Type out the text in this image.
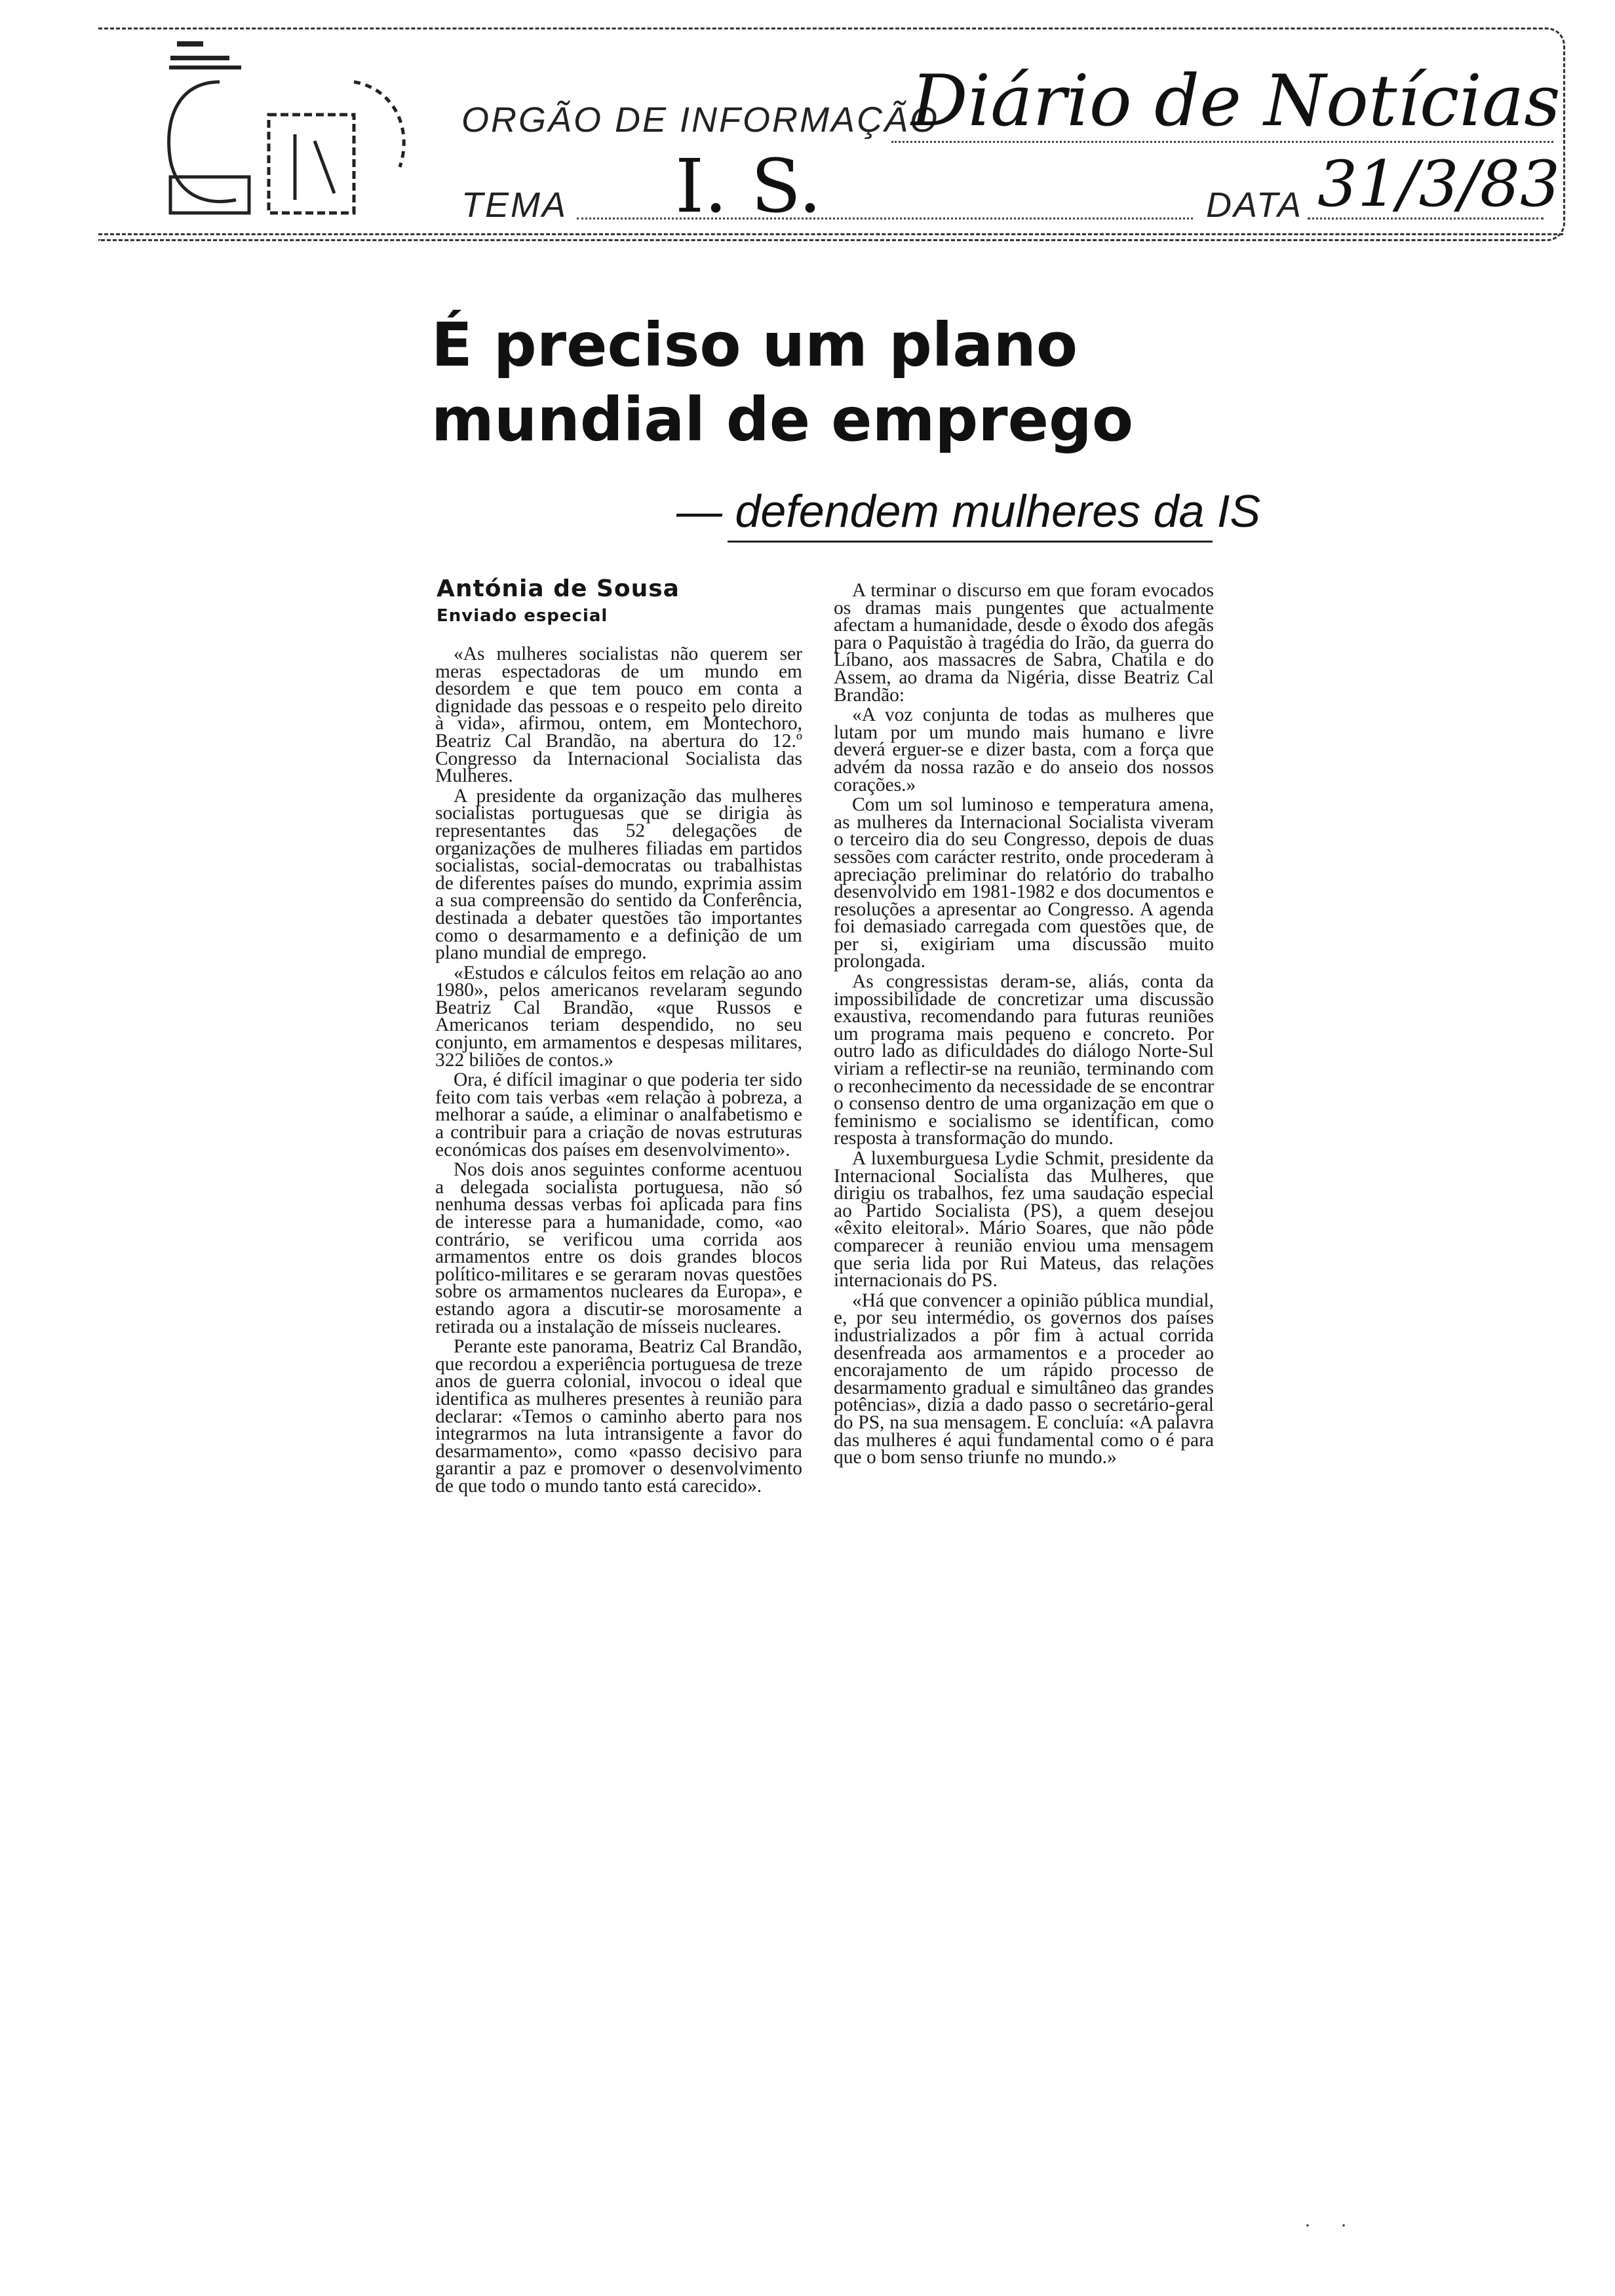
ORGÃO DE INFORMAÇÃO
Diário de Notícias
TEMA I. S.	DATA 31/3/83
É preciso um plano
mundial de emprego
— defendem mulheres da IS
Antónia de Sousa
Enviado especial

«As mulheres socialistas não querem ser meras espectadoras de um mundo em desordem e que tem pouco em conta a dignidade das pessoas e o respeito pelo direito à vida», afirmou, ontem, em Montechoro, Beatriz Cal Brandão, na abertura do 12.º Congresso da Internacional Socialista das Mulheres.

A presidente da organização das mulheres socialistas portuguesas que se dirigia às representantes das 52 delegações de organizações de mulheres filiadas em partidos socialistas, social-democratas ou trabalhistas de diferentes países do mundo, exprimia assim a sua compreensão do sentido da Conferência, destinada a debater questões tão importantes como o desarmamento e a definição de um plano mundial de emprego.

«Estudos e cálculos feitos em relação ao ano 1980», pelos americanos revelaram segundo Beatriz Cal Brandão, «que Russos e Americanos teriam despendido, no seu conjunto, em armamentos e despesas militares, 322 biliões de contos.»

Ora, é difícil imaginar o que poderia ter sido feito com tais verbas «em relação à pobreza, a melhorar a saúde, a eliminar o analfabetismo e a contribuir para a criação de novas estruturas económicas dos países em desenvolvimento».

Nos dois anos seguintes conforme acentuou a delegada socialista portuguesa, não só nenhuma dessas verbas foi aplicada para fins de interesse para a humanidade, como, «ao contrário, se verificou uma corrida aos armamentos entre os dois grandes blocos político-militares e se geraram novas questões sobre os armamentos nucleares da Europa», e estando agora a discutir-se morosamente a retirada ou a instalação de mísseis nucleares.

Perante este panorama, Beatriz Cal Brandão, que recordou a experiência portuguesa de treze anos de guerra colonial, invocou o ideal que identifica as mulheres presentes à reunião para declarar: «Temos o caminho aberto para nos integrarmos na luta intransigente a favor do desarmamento», como «passo decisivo para garantir a paz e promover o desenvolvimento de que todo o mundo tanto está carecido».

A terminar o discurso em que foram evocados os dramas mais pungentes que actualmente afectam a humanidade, desde o êxodo dos afegãs para o Paquistão à tragédia do Irão, da guerra do Líbano, aos massacres de Sabra, Chatila e do Assem, ao drama da Nigéria, disse Beatriz Cal Brandão:

«A voz conjunta de todas as mulheres que lutam por um mundo mais humano e livre deverá erguer-se e dizer basta, com a força que advém da nossa razão e do anseio dos nossos corações.»

Com um sol luminoso e temperatura amena, as mulheres da Internacional Socialista viveram o terceiro dia do seu Congresso, depois de duas sessões com carácter restrito, onde procederam à apreciação preliminar do relatório do trabalho desenvolvido em 1981-1982 e dos documentos e resoluções a apresentar ao Congresso. A agenda foi demasiado carregada com questões que, de per si, exigiriam uma discussão muito prolongada.

As congressistas deram-se, aliás, conta da impossibilidade de concretizar uma discussão exaustiva, recomendando para futuras reuniões um programa mais pequeno e concreto. Por outro lado as dificuldades do diálogo Norte-Sul viriam a reflectir-se na reunião, terminando com o reconhecimento da necessidade de se encontrar o consenso dentro de uma organização em que o feminismo e socialismo se identifican, como resposta à transformação do mundo.

A luxemburguesa Lydie Schmit, presidente da Internacional Socialista das Mulheres, que dirigiu os trabalhos, fez uma saudação especial ao Partido Socialista (PS), a quem desejou «êxito eleitoral». Mário Soares, que não pôde comparecer à reunião enviou uma mensagem que seria lida por Rui Mateus, das relações internacionais do PS.

«Há que convencer a opinião pública mundial, e, por seu intermédio, os governos dos países industrializados a pôr fim à actual corrida desenfreada aos armamentos e a proceder ao encorajamento de um rápido processo de desarmamento gradual e simultâneo das grandes potências», dizia a dado passo o secretário-geral do PS, na sua mensagem. E concluía: «A palavra das mulheres é aqui fundamental como o é para que o bom senso triunfe no mundo.»

·      ·
